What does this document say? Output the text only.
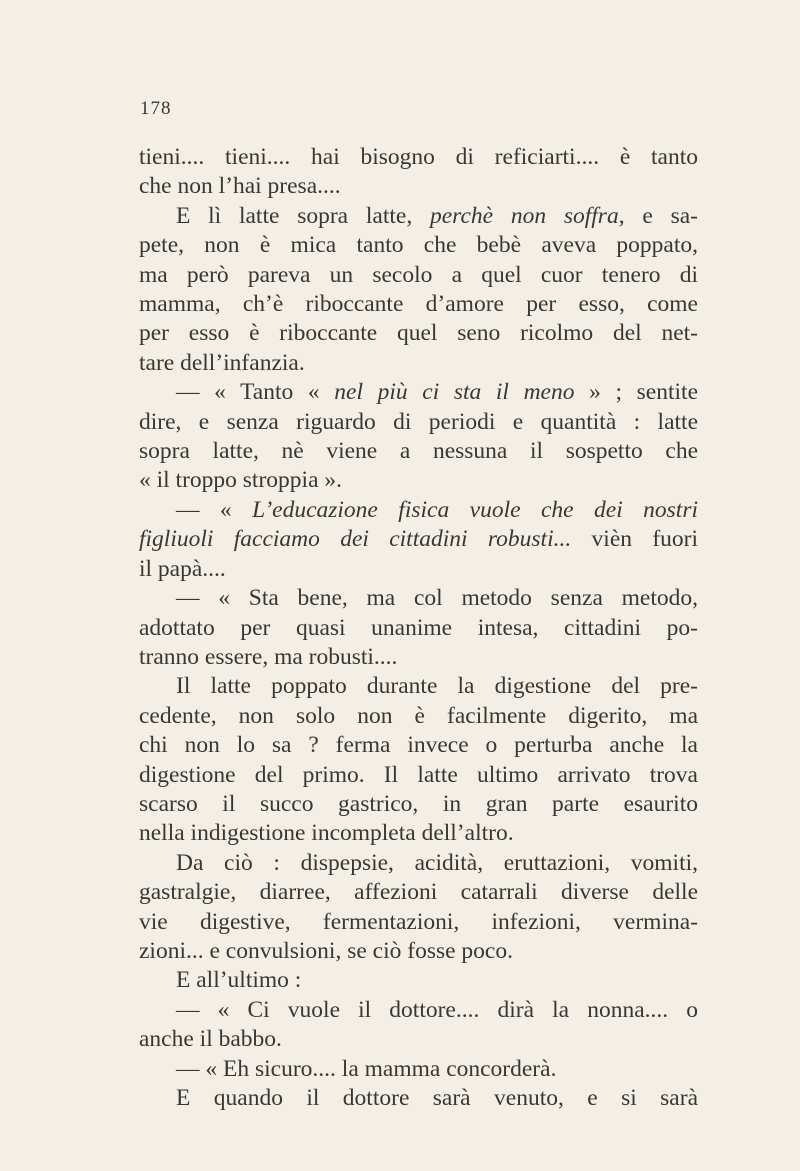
178
tieni.... tieni.... hai bisogno di reficiarti.... è tanto
che non l’hai presa....
E lì latte sopra latte, perchè non soffra, e sa-
pete, non è mica tanto che bebè aveva poppato,
ma però pareva un secolo a quel cuor tenero di
mamma, ch’è riboccante d’amore per esso, come
per esso è riboccante quel seno ricolmo del net-
tare dell’infanzia.
— « Tanto « nel più ci sta il meno » ; sentite
dire, e senza riguardo di periodi e quantità : latte
sopra latte, nè viene a nessuna il sospetto che
« il troppo stroppia ».
— « L’educazione fisica vuole che dei nostri
figliuoli facciamo dei cittadini robusti... vièn fuori
il papà....
— « Sta bene, ma col metodo senza metodo,
adottato per quasi unanime intesa, cittadini po-
tranno essere, ma robusti....
Il latte poppato durante la digestione del pre-
cedente, non solo non è facilmente digerito, ma
chi non lo sa ? ferma invece o perturba anche la
digestione del primo. Il latte ultimo arrivato trova
scarso il succo gastrico, in gran parte esaurito
nella indigestione incompleta dell’altro.
Da ciò : dispepsie, acidità, eruttazioni, vomiti,
gastralgie, diarree, affezioni catarrali diverse delle
vie digestive, fermentazioni, infezioni, vermina-
zioni... e convulsioni, se ciò fosse poco.
E all’ultimo :
— « Ci vuole il dottore.... dirà la nonna.... o
anche il babbo.
— « Eh sicuro.... la mamma concorderà.
E quando il dottore sarà venuto, e si sarà
